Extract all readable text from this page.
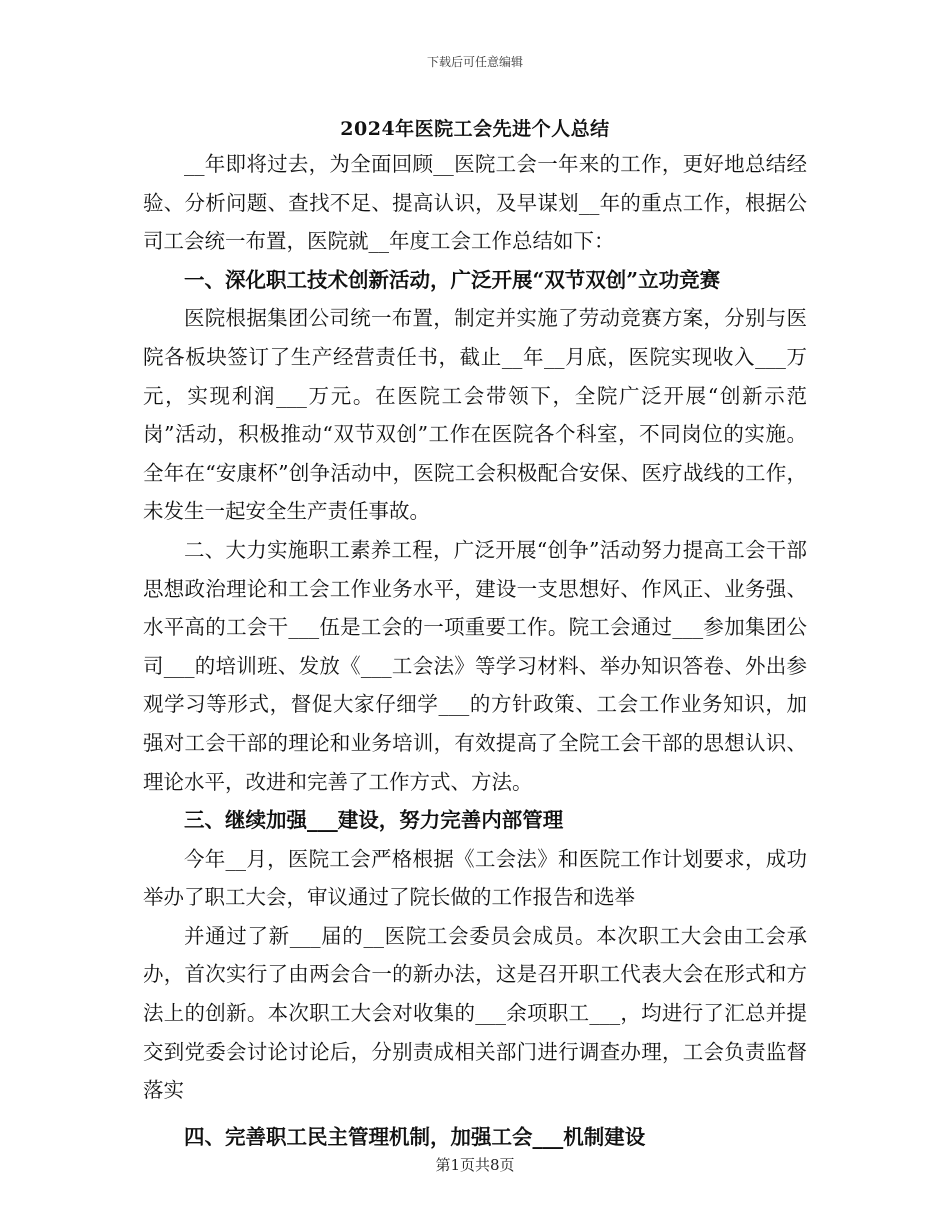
下载后可任意编辑
2024年医院工会先进个人总结

__年即将过去，为全面回顾__医院工会一年来的工作，更好地总结经验、分析问题、查找不足、提高认识，及早谋划__年的重点工作，根据公司工会统一布置，医院就__年度工会工作总结如下：

一、深化职工技术创新活动，广泛开展“双节双创”立功竞赛

医院根据集团公司统一布置，制定并实施了劳动竞赛方案，分别与医院各板块签订了生产经营责任书，截止__年__月底，医院实现收入___万元，实现利润___万元。在医院工会带领下，全院广泛开展“创新示范岗”活动，积极推动“双节双创”工作在医院各个科室，不同岗位的实施。全年在“安康杯”创争活动中，医院工会积极配合安保、医疗战线的工作，未发生一起安全生产责任事故。

二、大力实施职工素养工程，广泛开展“创争”活动努力提高工会干部思想政治理论和工会工作业务水平，建设一支思想好、作风正、业务强、水平高的工会干___伍是工会的一项重要工作。院工会通过___参加集团公司___的培训班、发放《___工会法》等学习材料、举办知识答卷、外出参观学习等形式，督促大家仔细学___的方针政策、工会工作业务知识，加强对工会干部的理论和业务培训，有效提高了全院工会干部的思想认识、理论水平，改进和完善了工作方式、方法。

三、继续加强___建设，努力完善内部管理

今年__月，医院工会严格根据《工会法》和医院工作计划要求，成功举办了职工大会，审议通过了院长做的工作报告和选举

并通过了新___届的__医院工会委员会成员。本次职工大会由工会承办，首次实行了由两会合一的新办法，这是召开职工代表大会在形式和方法上的创新。本次职工大会对收集的___余项职工___，均进行了汇总并提交到党委会讨论讨论后，分别责成相关部门进行调查办理，工会负责监督落实

四、完善职工民主管理机制，加强工会___机制建设

第1页共8页
